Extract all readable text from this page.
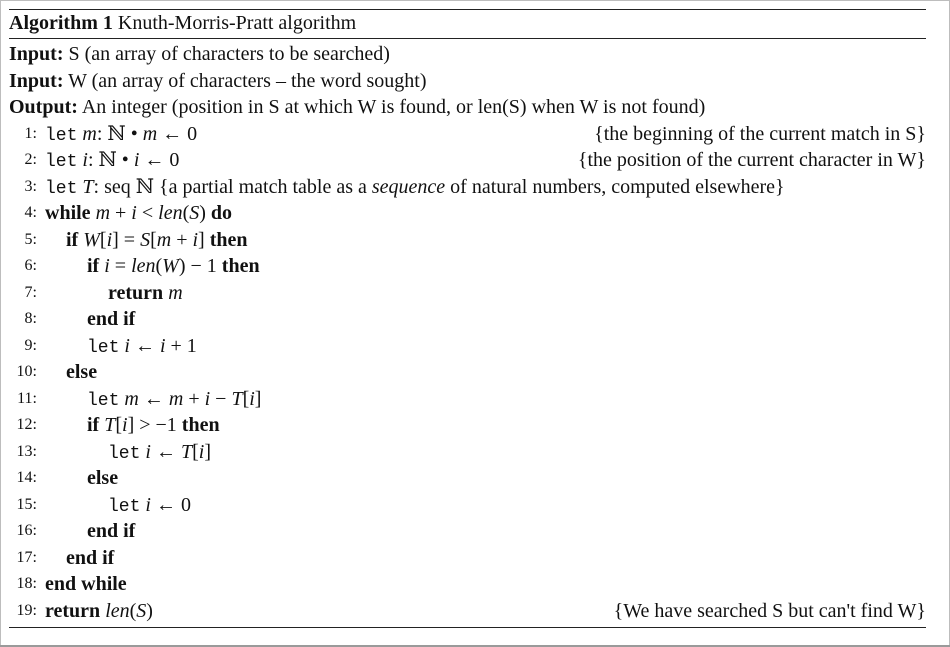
Algorithm 1 Knuth-Morris-Pratt algorithm
Input: S (an array of characters to be searched)
Input: W (an array of characters – the word sought)
Output: An integer (position in S at which W is found, or len(S) when W is not found)
1: let m: ℕ • m ← 0	{the beginning of the current match in S}
2: let i: ℕ • i ← 0	{the position of the current character in W}
3: let T: seq ℕ {a partial match table as a sequence of natural numbers, computed elsewhere}
4: while m + i < len(S) do
5: if W[i] = S[m + i] then
6:	if i = len(W) − 1 then
7:	return m
8:	end if
9:	let i ← i + 1
10: else
11:	let m ← m + i − T[i]
12:	if T[i] > −1 then
13:	let i ← T[i]
14:	else
15:	let i ← 0
16:	end if
17: end if
18: end while
19: return len(S)	{We have searched S but can't find W}
